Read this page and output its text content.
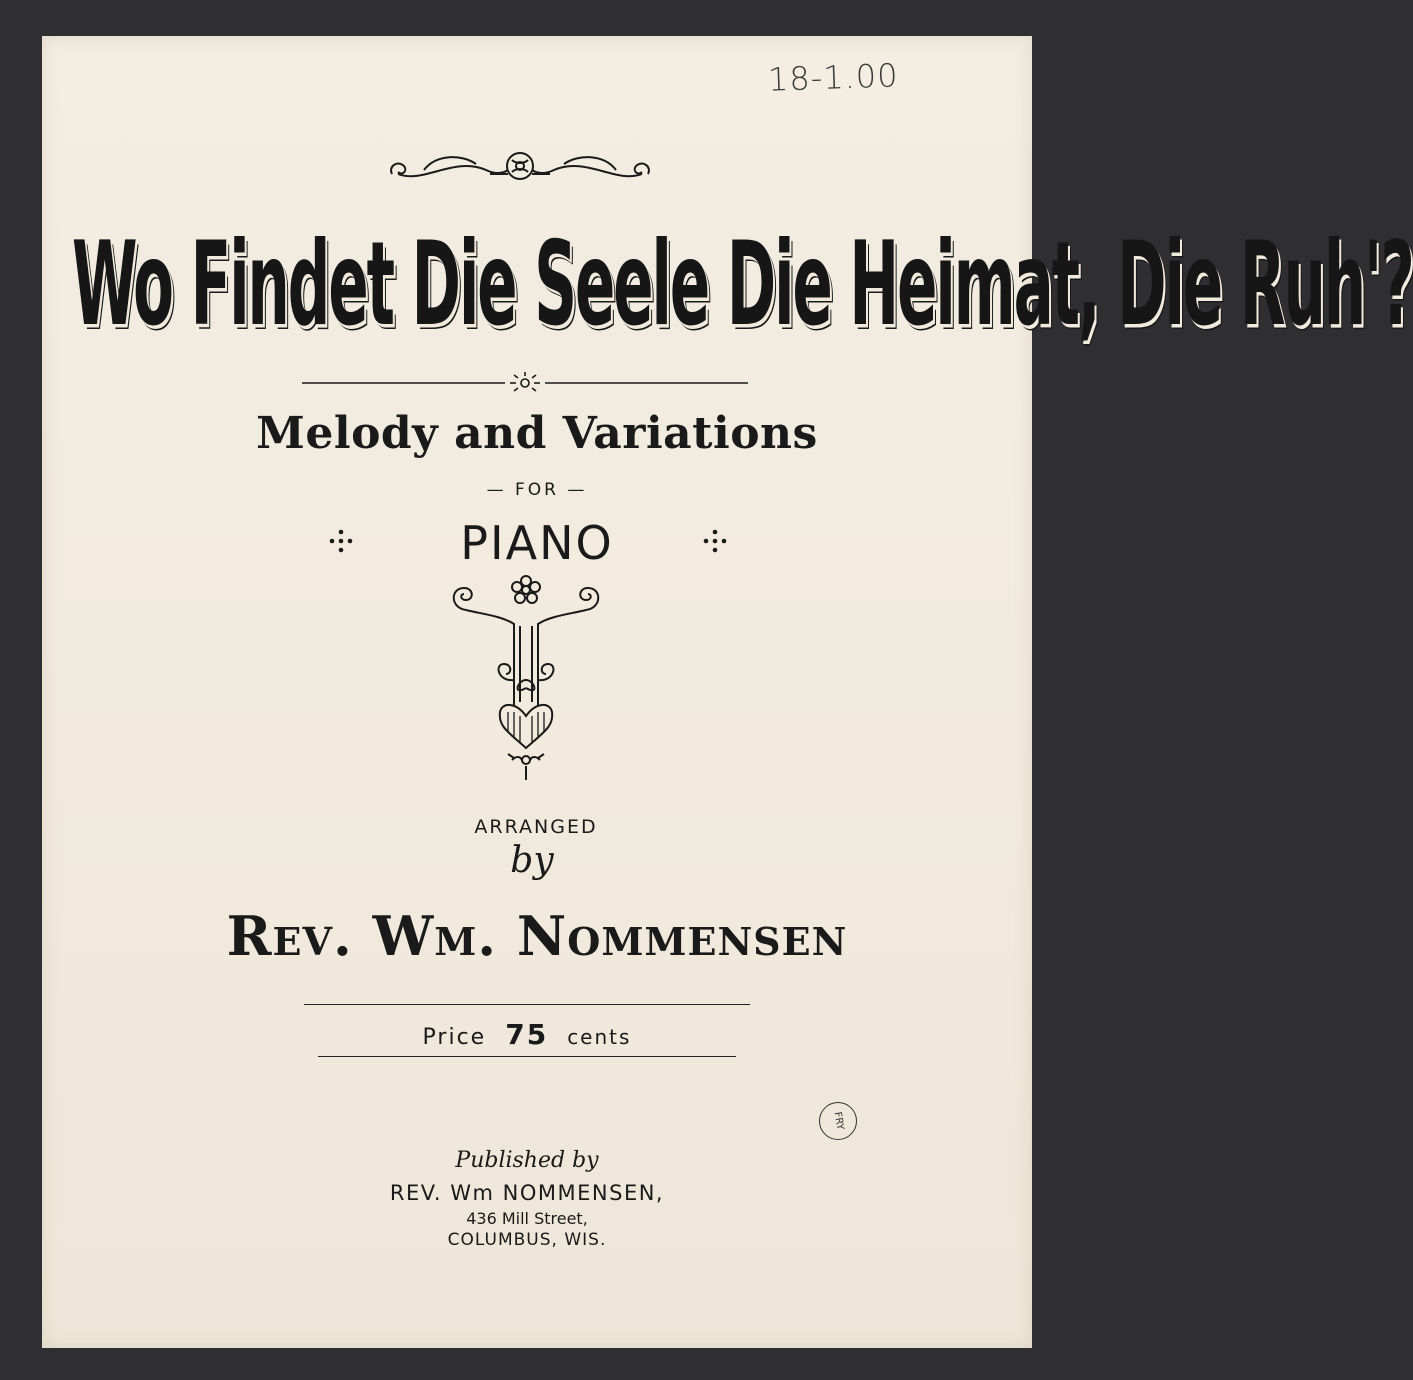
18-1.00
Wo Findet Die Seele Die Heimat, Die Ruh'?
Melody and Variations
— FOR —
PIANO
ARRANGED
by
Rev. Wm. Nommensen
Price 75 cents
FRY
Published by
REV. Wm NOMMENSEN,
436 Mill Street,
COLUMBUS, WIS.
